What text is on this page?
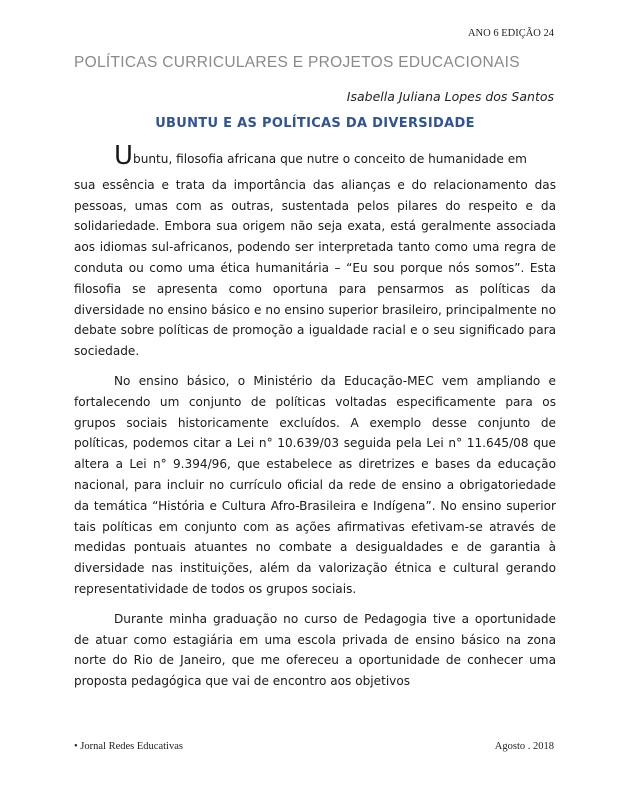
ANO 6 EDIÇÃO 24
POLÍTICAS CURRICULARES E PROJETOS EDUCACIONAIS
Isabella Juliana Lopes dos Santos
UBUNTU E AS POLÍTICAS DA DIVERSIDADE

Ubuntu, filosofia africana que nutre o conceito de humanidade em

sua essência e trata da importância das alianças e do relacionamento das pessoas, umas com as outras, sustentada pelos pilares do respeito e da solidariedade. Embora sua origem não seja exata, está geralmente associada aos idiomas sul-africanos, podendo ser interpretada tanto como uma regra de conduta ou como uma ética humanitária – “Eu sou porque nós somos”. Esta filosofia se apresenta como oportuna para pensarmos as políticas da diversidade no ensino básico e no ensino superior brasileiro, principalmente no debate sobre políticas de promoção a igualdade racial e o seu significado para sociedade.

No ensino básico, o Ministério da Educação-MEC vem ampliando e fortalecendo um conjunto de políticas voltadas especificamente para os grupos sociais historicamente excluídos. A exemplo desse conjunto de políticas, podemos citar a Lei n° 10.639/03 seguida pela Lei n° 11.645/08 que altera a Lei n° 9.394/96, que estabelece as diretrizes e bases da educação nacional, para incluir no currículo oficial da rede de ensino a obrigatoriedade da temática “História e Cultura Afro-Brasileira e Indígena”. No ensino superior tais políticas em conjunto com as ações afirmativas efetivam-se através de medidas pontuais atuantes no combate a desigualdades e de garantia à diversidade nas instituições, além da valorização étnica e cultural gerando representatividade de todos os grupos sociais.

Durante minha graduação no curso de Pedagogia tive a oportunidade de atuar como estagiária em uma escola privada de ensino básico na zona norte do Rio de Janeiro, que me ofereceu a oportunidade de conhecer uma proposta pedagógica que vai de encontro aos objetivos

• Jornal Redes Educativas	Agosto . 2018
